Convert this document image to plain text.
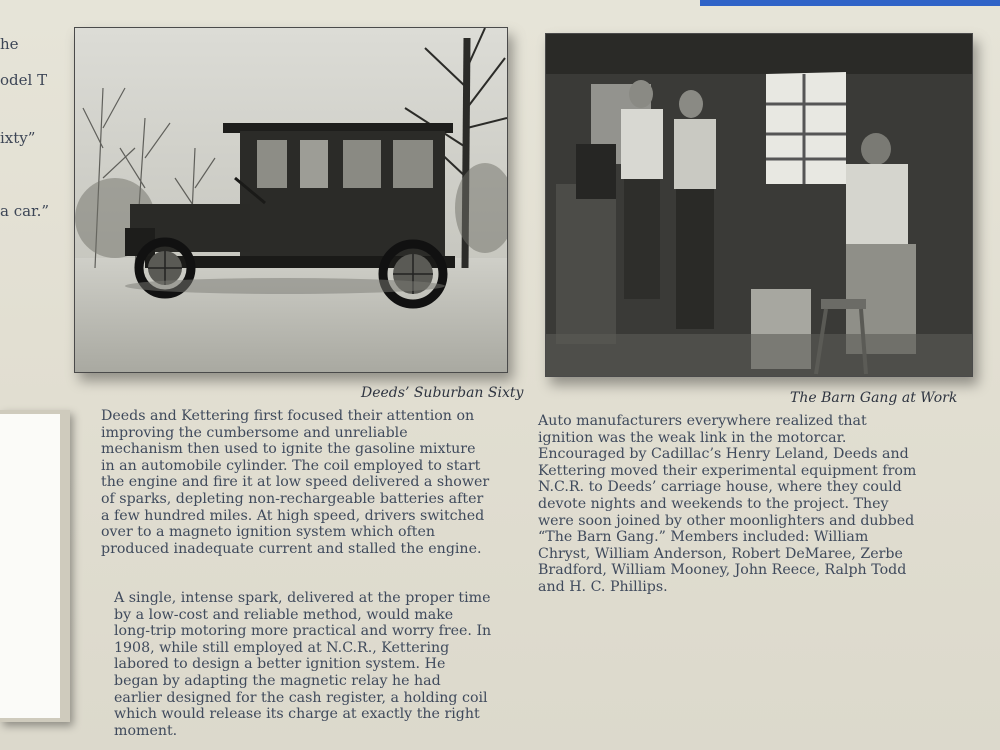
he
odel T
ixty”
a car.”
Deeds’ Suburban Sixty	The Barn Gang at Work

Deeds and Kettering first focused their attention on improving the cumbersome and unreliable mechanism then used to ignite the gasoline mixture in an automobile cylinder. The coil employed to start the engine and fire it at low speed delivered a shower of sparks, depleting non-rechargeable batteries after a few hundred miles. At high speed, drivers switched over to a magneto ignition system which often produced inadequate current and stalled the engine.

A single, intense spark, delivered at the proper time by a low-cost and reliable method, would make long-trip motoring more practical and worry free. In 1908, while still employed at N.C.R., Kettering labored to design a better ignition system. He began by adapting the magnetic relay he had earlier designed for the cash register, a holding coil which would release its charge at exactly the right moment.

Auto manufacturers everywhere realized that ignition was the weak link in the motorcar. Encouraged by Cadillac’s Henry Leland, Deeds and Kettering moved their experimental equipment from N.C.R. to Deeds’ carriage house, where they could devote nights and weekends to the project. They were soon joined by other moonlighters and dubbed “The Barn Gang.” Members included: William Chryst, William Anderson, Robert DeMaree, Zerbe Bradford, William Mooney, John Reece, Ralph Todd and H. C. Phillips.
